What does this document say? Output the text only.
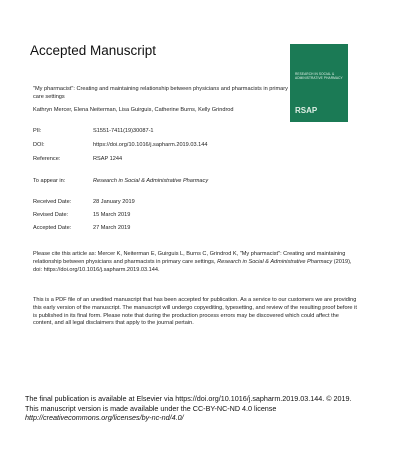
Accepted Manuscript
RESEARCH IN SOCIAL & ADMINISTRATIVE PHARMACY
RSAP
"My pharmacist": Creating and maintaining relationship between physicians and pharmacists in primary care settings
Kathryn Mercer, Elena Neiterman, Lisa Guirguis, Catherine Burns, Kelly Grindrod
PII:	S1551-7411(19)30087-1
DOI:	https://doi.org/10.1016/j.sapharm.2019.03.144
Reference:	RSAP 1244
To appear in:	Research in Social & Administrative Pharmacy
Received Date:	28 January 2019
Revised Date:	15 March 2019
Accepted Date:	27 March 2019
Please cite this article as: Mercer K, Neiterman E, Guirguis L, Burns C, Grindrod K, "My pharmacist": Creating and maintaining relationship between physicians and pharmacists in primary care settings, Research in Social & Administrative Pharmacy (2019), doi: https://doi.org/10.1016/j.sapharm.2019.03.144.
This is a PDF file of an unedited manuscript that has been accepted for publication. As a service to our customers we are providing this early version of the manuscript. The manuscript will undergo copyediting, typesetting, and review of the resulting proof before it is published in its final form. Please note that during the production process errors may be discovered which could affect the content, and all legal disclaimers that apply to the journal pertain.
The final publication is available at Elsevier via https://doi.org/10.1016/j.sapharm.2019.03.144. © 2019.
This manuscript version is made available under the CC-BY-NC-ND 4.0 license
http://creativecommons.org/licenses/by-nc-nd/4.0/
